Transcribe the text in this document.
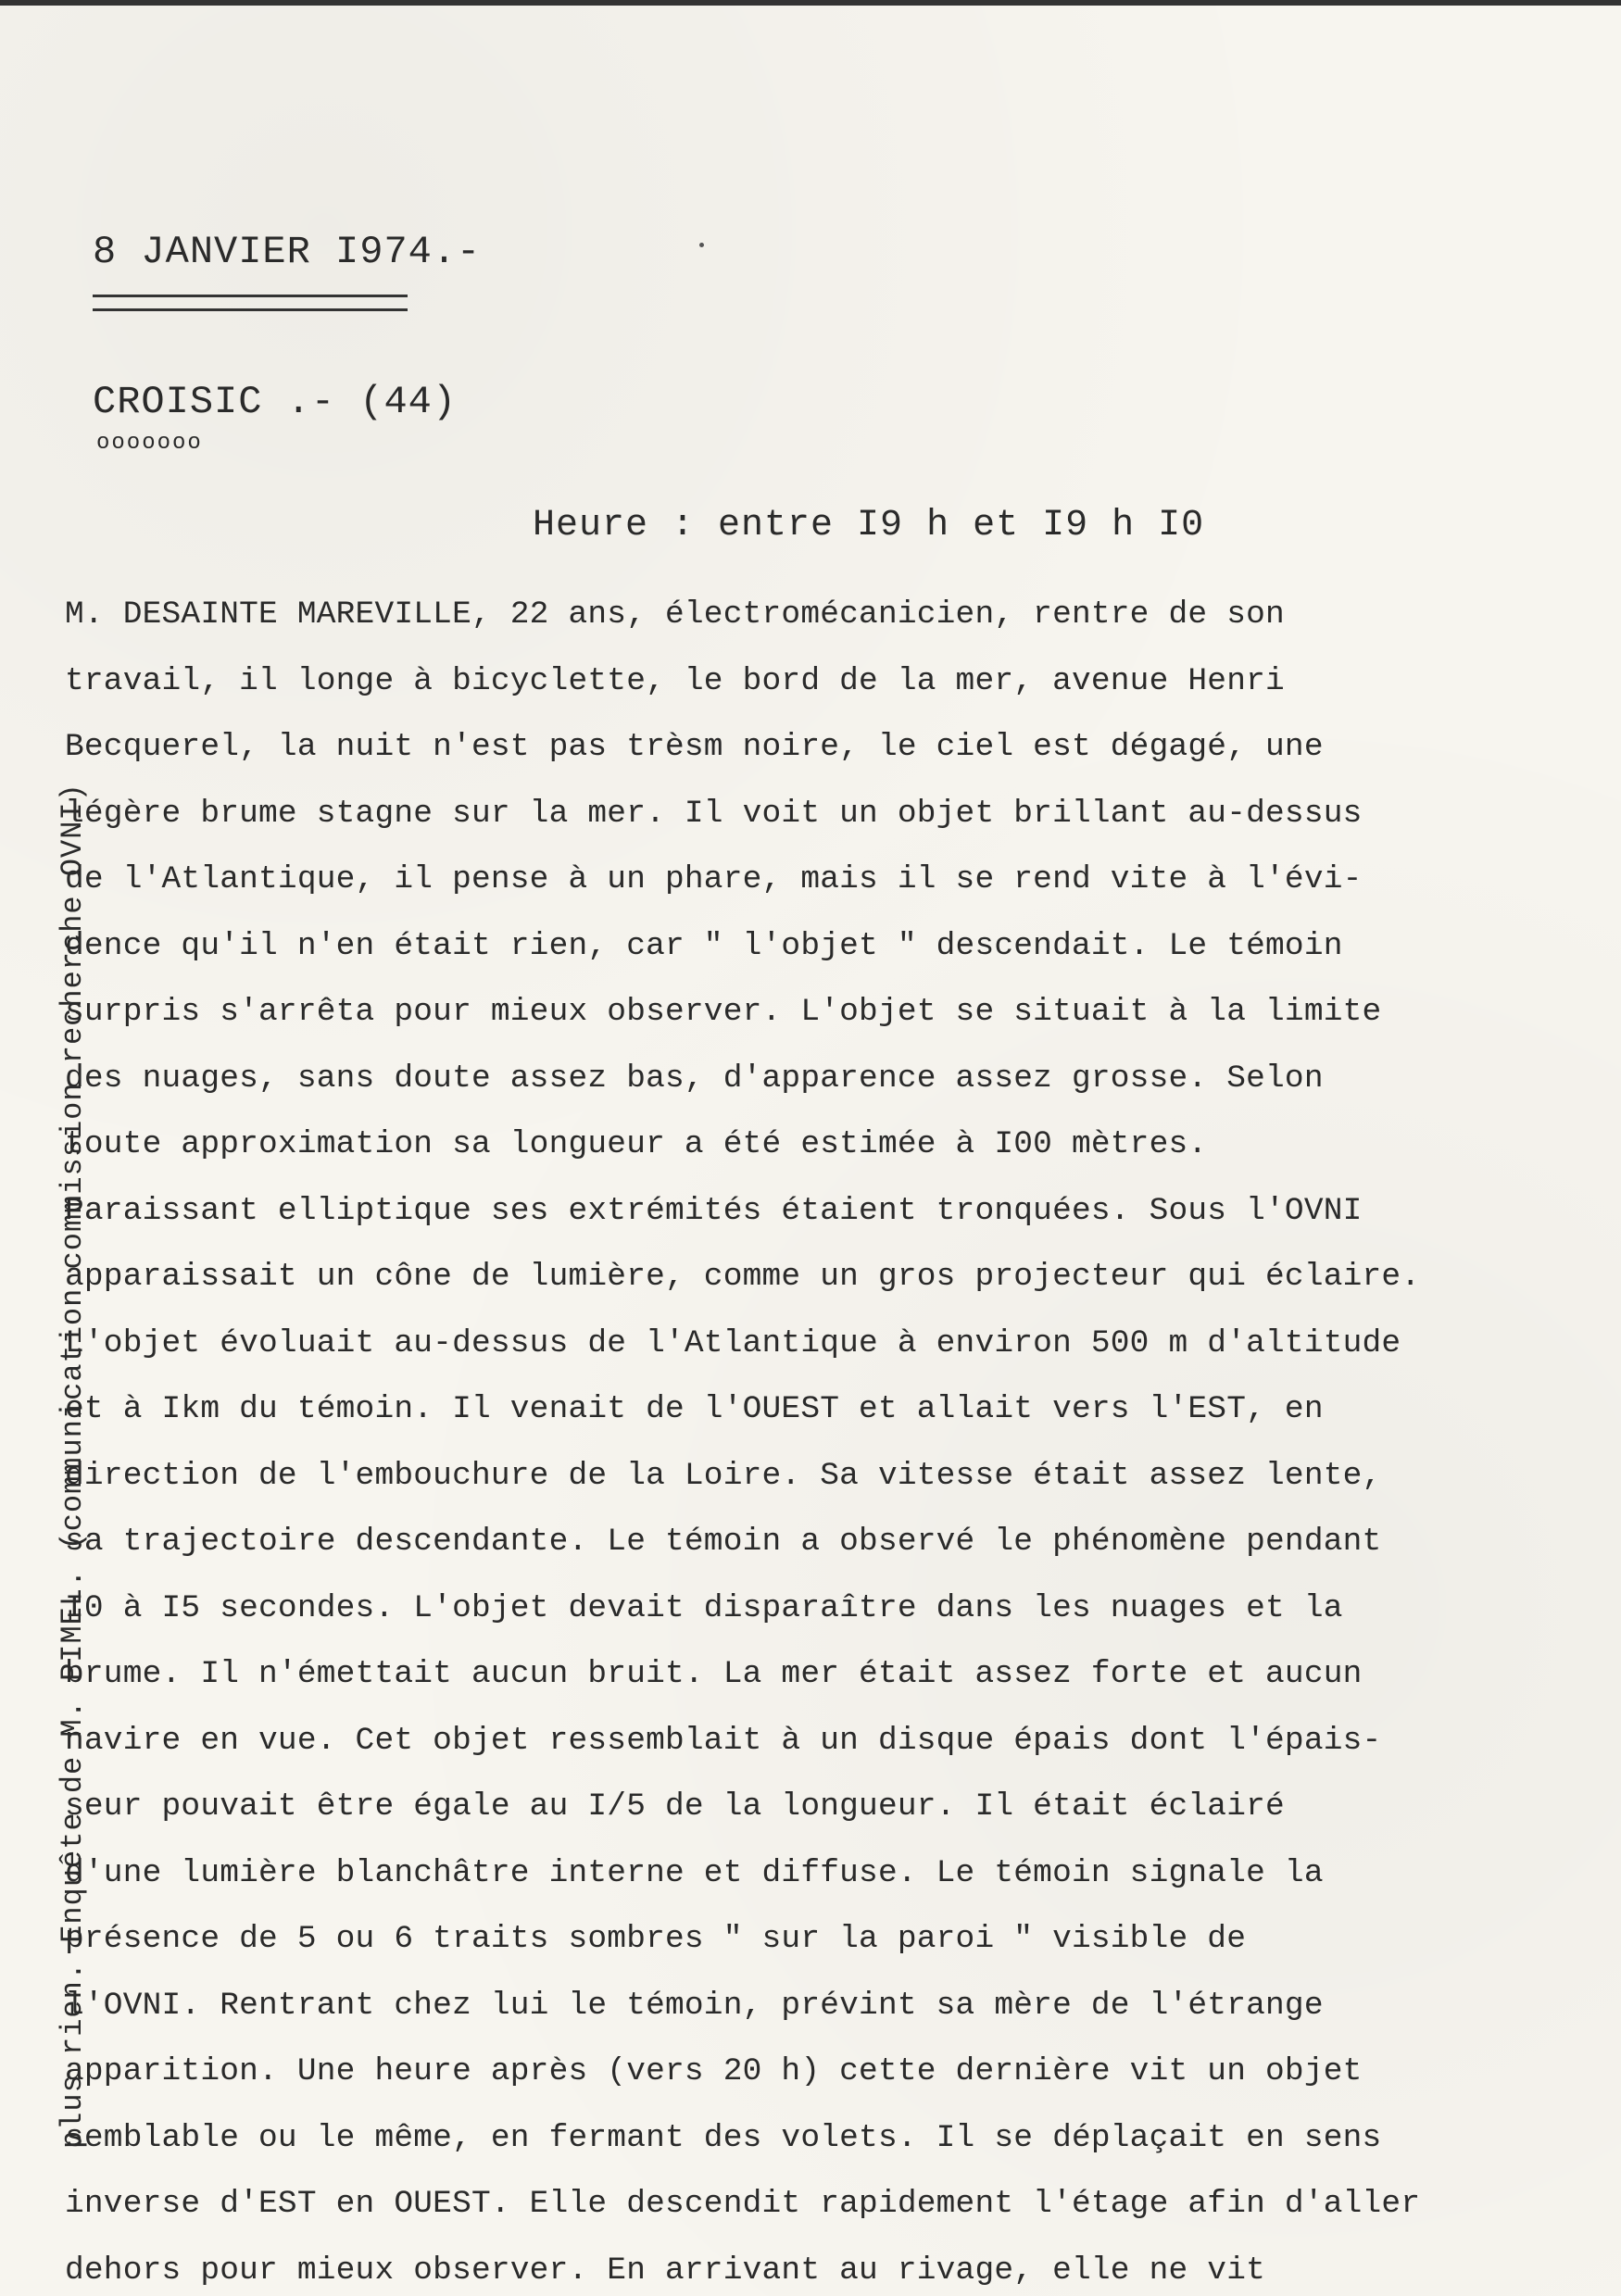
8 JANVIER I974.-
CROISIC .- (44)
ooooooo
Heure : entre I9 h et I9 h I0
M. DESAINTE MAREVILLE, 22 ans, électromécanicien, rentre de son
travail, il longe à bicyclette, le bord de la mer, avenue Henri
Becquerel, la nuit n'est pas trèsm noire, le ciel est dégagé, une
légère brume stagne sur la mer. Il voit un objet brillant au-dessus
de l'Atlantique, il pense à un phare, mais il se rend vite à l'évi-
dence qu'il n'en était rien, car " l'objet " descendait. Le témoin
surpris s'arrêta pour mieux observer. L'objet se situait à la limite
des nuages, sans doute assez bas, d'apparence assez grosse. Selon
toute approximation sa longueur a été estimée à I00 mètres.
Paraissant elliptique ses extrémités étaient tronquées. Sous l'OVNI
apparaissait un cône de lumière, comme un gros projecteur qui éclaire.
L'objet évoluait au-dessus de l'Atlantique à environ 500 m d'altitude
et à Ikm du témoin. Il venait de l'OUEST et allait vers l'EST, en
direction de l'embouchure de la Loire. Sa vitesse était assez lente,
sa trajectoire descendante. Le témoin a observé le phénomène pendant
I0 à I5 secondes. L'objet devait disparaître dans les nuages et la
brume. Il n'émettait aucun bruit. La mer était assez forte et aucun
navire en vue. Cet objet ressemblait à un disque épais dont l'épais-
seur pouvait être égale au I/5 de la longueur. Il était éclairé
d'une lumière blanchâtre interne et diffuse. Le témoin signale la
présence de 5 ou 6 traits sombres " sur la paroi " visible de
l'OVNI. Rentrant chez lui le témoin, prévint sa mère de l'étrange
apparition. Une heure après (vers 20 h) cette dernière vit un objet
semblable ou le même, en fermant des volets. Il se déplaçait en sens
inverse d'EST en OUEST. Elle descendit rapidement l'étage afin d'aller
dehors pour mieux observer. En arrivant au rivage, elle ne vit
plus rien. Enquête de M. PIMEL. (communication commission recherche OVNI)
